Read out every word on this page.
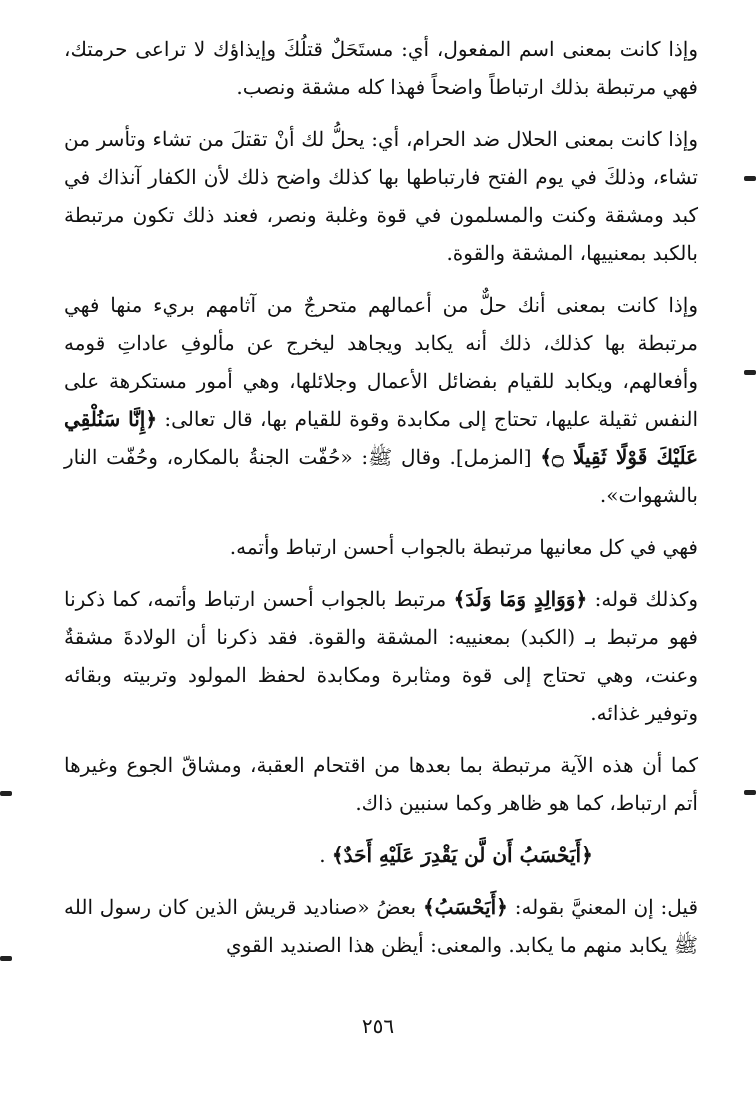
وإذا كانت بمعنى اسم المفعول، أي: مستَحَلٌ قتلُكَ وإيذاؤك لا تراعى حرمتك، فهي مرتبطة بذلك ارتباطاً واضحاً فهذا كله مشقة ونصب.

وإذا كانت بمعنى الحلال ضد الحرام، أي: يحلُّ لك أنْ تقتلَ من تشاء وتأسر من تشاء، وذلكَ في يوم الفتح فارتباطها بها كذلك واضح ذلك لأن الكفار آنذاك في كبد ومشقة وكنت والمسلمون في قوة وغلبة ونصر، فعند ذلك تكون مرتبطة بالكبد بمعنييها، المشقة والقوة.

وإذا كانت بمعنى أنك حلٌّ من أعمالهم متحرجٌ من آثامهم بريء منها فهي مرتبطة بها كذلك، ذلك أنه يكابد ويجاهد ليخرج عن مألوفِ عاداتِ قومه وأفعالهم، ويكابد للقيام بفضائل الأعمال وجلائلها، وهي أمور مستكرهة على النفس ثقيلة عليها، تحتاج إلى مكابدة وقوة للقيام بها، قال تعالى: ﴿إِنَّا سَنُلْقِي عَلَيْكَ قَوْلًا ثَقِيلًا ۝﴾ [المزمل]. وقال ﷺ: «حُفّت الجنةُ بالمكاره، وحُفّت النار بالشهوات».

فهي في كل معانيها مرتبطة بالجواب أحسن ارتباط وأتمه.

وكذلك قوله: ﴿وَوَالِدٍ وَمَا وَلَدَ﴾ مرتبط بالجواب أحسن ارتباط وأتمه، كما ذكرنا فهو مرتبط بـ (الكبد) بمعنييه: المشقة والقوة. فقد ذكرنا أن الولادةَ مشقةٌ وعنت، وهي تحتاج إلى قوة ومثابرة ومكابدة لحفظ المولود وتربيته وبقائه وتوفير غذائه.

كما أن هذه الآية مرتبطة بما بعدها من اقتحام العقبة، ومشاقّ الجوع وغيرها أتم ارتباط، كما هو ظاهر وكما سنبين ذاك.

﴿أَيَحْسَبُ أَن لَّن يَقْدِرَ عَلَيْهِ أَحَدٌ﴾ .

قيل: إن المعنيَّ بقوله: ﴿أَيَحْسَبُ﴾ بعضُ «صناديد قريش الذين كان رسول الله ﷺ يكابد منهم ما يكابد. والمعنى: أيظن هذا الصنديد القوي

٢٥٦
